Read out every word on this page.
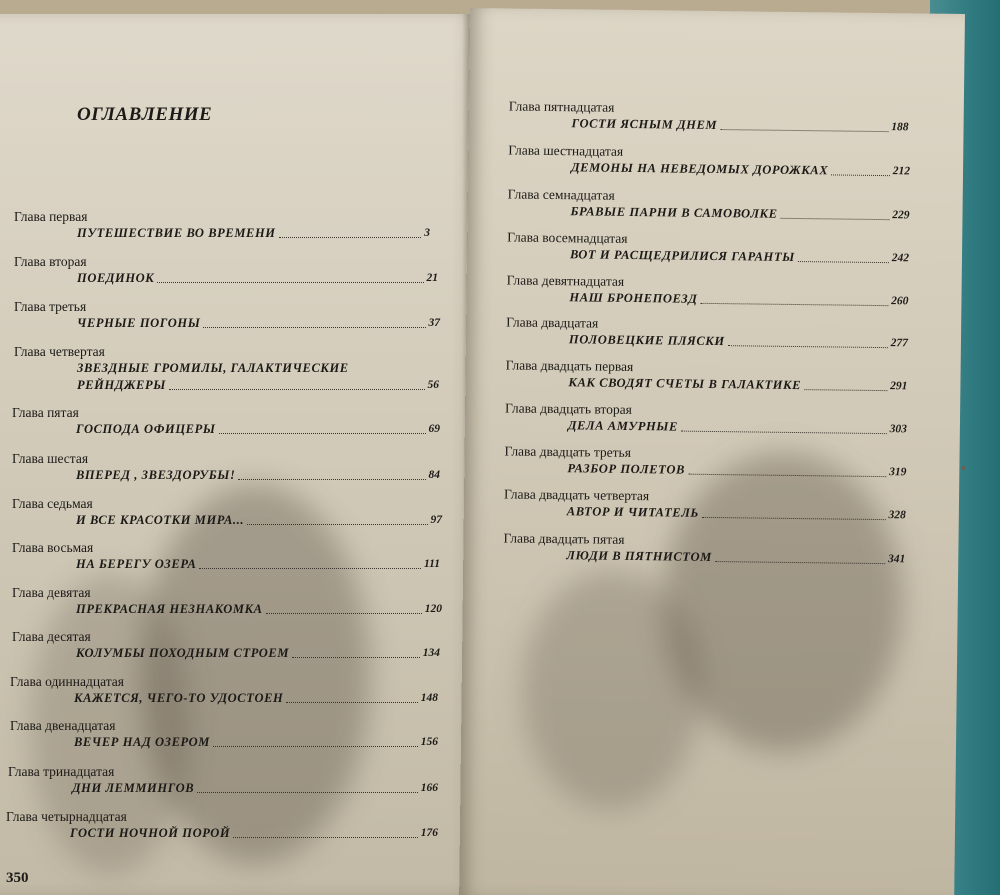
ОГЛАВЛЕНИЕ
Глава первая
ПУТЕШЕСТВИЕ ВО ВРЕМЕНИ	3
Глава вторая
ПОЕДИНОК	21
Глава третья
ЧЕРНЫЕ ПОГОНЫ	37
Глава четвертая
ЗВЕЗДНЫЕ ГРОМИЛЫ, ГАЛАКТИЧЕСКИЕ
РЕЙНДЖЕРЫ	56
Глава пятая
ГОСПОДА ОФИЦЕРЫ	69
Глава шестая
ВПЕРЕД , ЗВЕЗДОРУБЫ!	84
Глава седьмая
И ВСЕ КРАСОТКИ МИРА...	97
Глава восьмая
НА БЕРЕГУ ОЗЕРА	111
Глава девятая
ПРЕКРАСНАЯ НЕЗНАКОМКА	120
Глава десятая
КОЛУМБЫ ПОХОДНЫМ СТРОЕМ	134
Глава одиннадцатая
КАЖЕТСЯ, ЧЕГО-ТО УДОСТОЕН	148
Глава двенадцатая
ВЕЧЕР НАД ОЗЕРОМ	156
Глава тринадцатая
ДНИ ЛЕММИНГОВ	166
Глава четырнадцатая
ГОСТИ НОЧНОЙ ПОРОЙ	176
350
Глава пятнадцатая
ГОСТИ ЯСНЫМ ДНЕМ	188
Глава шестнадцатая
ДЕМОНЫ НА НЕВЕДОМЫХ ДОРОЖКАХ	212
Глава семнадцатая
БРАВЫЕ ПАРНИ В САМОВОЛКЕ	229
Глава восемнадцатая
ВОТ И РАСЩЕДРИЛИСЯ ГАРАНТЫ	242
Глава девятнадцатая
НАШ БРОНЕПОЕЗД	260
Глава двадцатая
ПОЛОВЕЦКИЕ ПЛЯСКИ	277
Глава двадцать первая
КАК СВОДЯТ СЧЕТЫ В ГАЛАКТИКЕ	291
Глава двадцать вторая
ДЕЛА АМУРНЫЕ	303
Глава двадцать третья
РАЗБОР ПОЛЕТОВ	319
Глава двадцать четвертая
АВТОР И ЧИТАТЕЛЬ	328
Глава двадцать пятая
ЛЮДИ В ПЯТНИСТОМ	341
